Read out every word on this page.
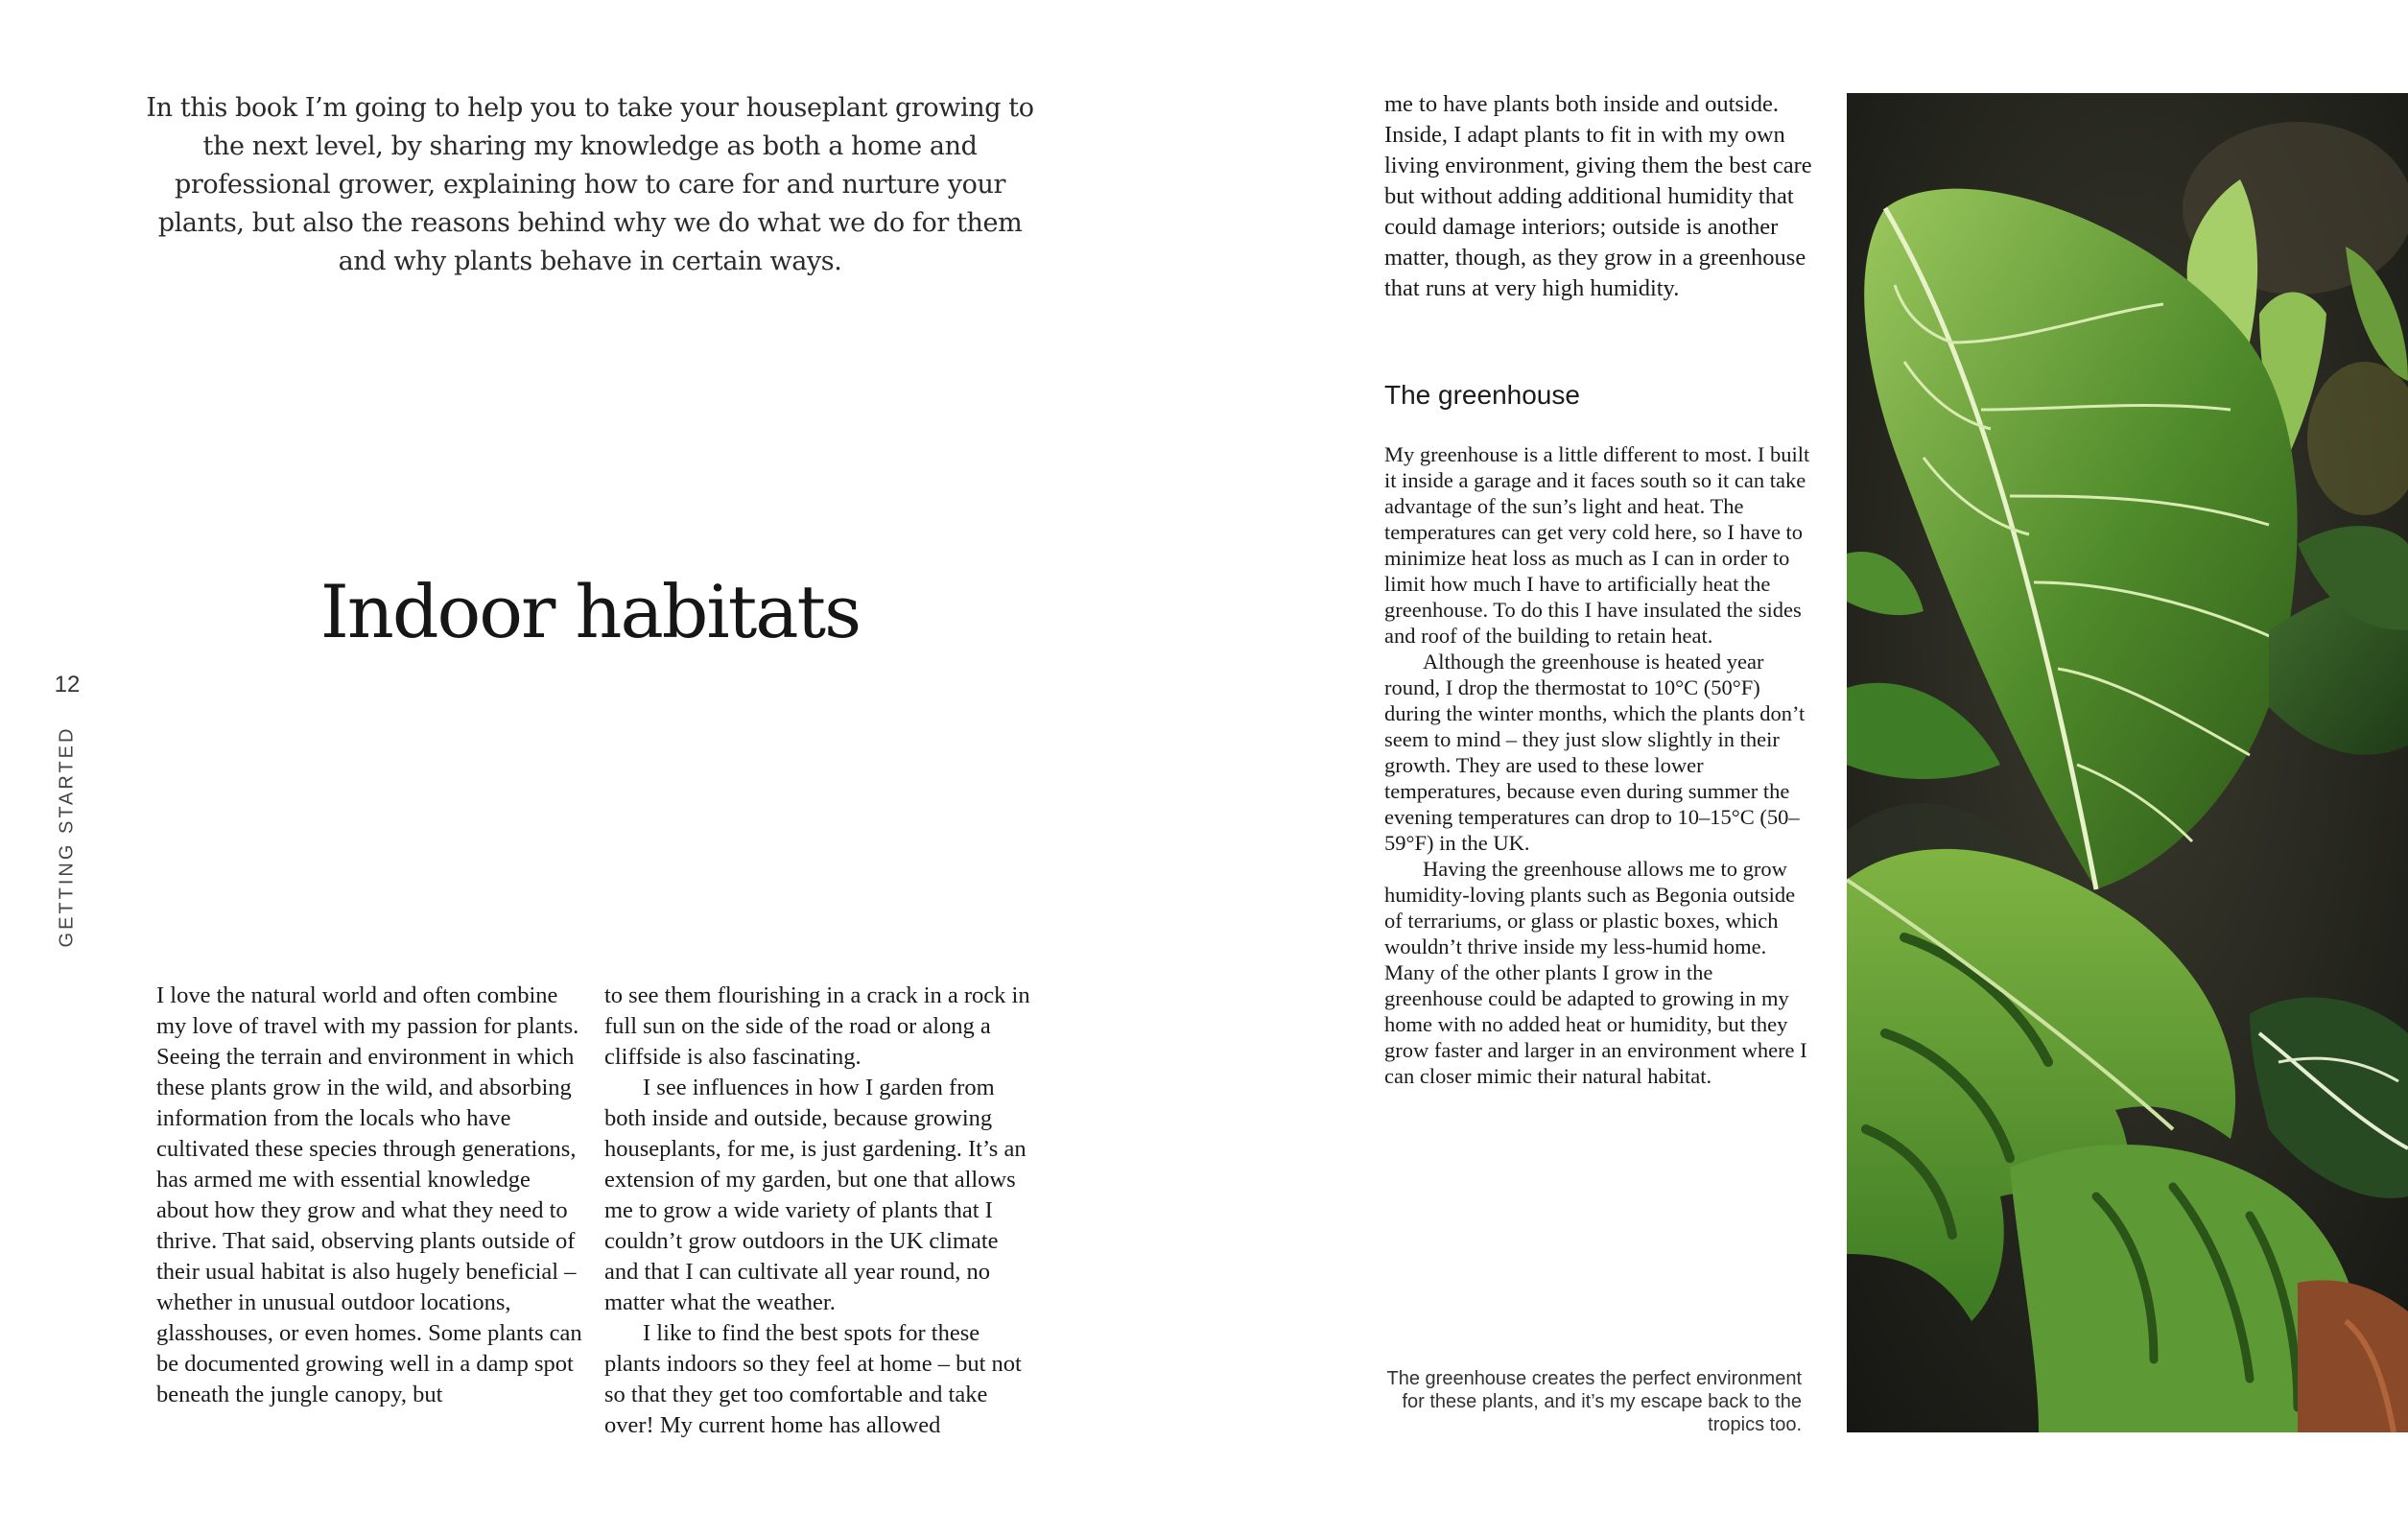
In this book I’m going to help you to take your houseplant growing to the next level, by sharing my knowledge as both a home and professional grower, explaining how to care for and nurture your plants, but also the reasons behind why we do what we do for them and why plants behave in certain ways.
Indoor habitats
12
GETTING STARTED

I love the natural world and often combine my love of travel with my passion for plants. Seeing the terrain and environment in which these plants grow in the wild, and absorbing information from the locals who have cultivated these species through generations, has armed me with essential knowledge about how they grow and what they need to thrive. That said, observing plants outside of their usual habitat is also hugely beneficial – whether in unusual outdoor locations, glasshouses, or even homes. Some plants can be documented growing well in a damp spot beneath the jungle canopy, but

to see them flourishing in a crack in a rock in full sun on the side of the road or along a cliffside is also fascinating.

I see influences in how I garden from both inside and outside, because growing houseplants, for me, is just gardening. It’s an extension of my garden, but one that allows me to grow a wide variety of plants that I couldn’t grow outdoors in the UK climate and that I can cultivate all year round, no matter what the weather.

I like to find the best spots for these plants indoors so they feel at home – but not so that they get too comfortable and take over! My current home has allowed

me to have plants both inside and outside. Inside, I adapt plants to fit in with my own living environment, giving them the best care but without adding additional humidity that could damage interiors; outside is another matter, though, as they grow in a greenhouse that runs at very high humidity.

The greenhouse

My greenhouse is a little different to most. I built it inside a garage and it faces south so it can take advantage of the sun’s light and heat. The temperatures can get very cold here, so I have to minimize heat loss as much as I can in order to limit how much I have to artificially heat the greenhouse. To do this I have insulated the sides and roof of the building to retain heat.

Although the greenhouse is heated year round, I drop the thermostat to 10°C (50°F) during the winter months, which the plants don’t seem to mind – they just slow slightly in their growth. They are used to these lower temperatures, because even during summer the evening temperatures can drop to 10–15°C (50–59°F) in the UK.

Having the greenhouse allows me to grow humidity-loving plants such as Begonia outside of terrariums, or glass or plastic boxes, which wouldn’t thrive inside my less-humid home. Many of the other plants I grow in the greenhouse could be adapted to growing in my home with no added heat or humidity, but they grow faster and larger in an environment where I can closer mimic their natural habitat.

The greenhouse creates the perfect environment for these plants, and it’s my escape back to the tropics too.
